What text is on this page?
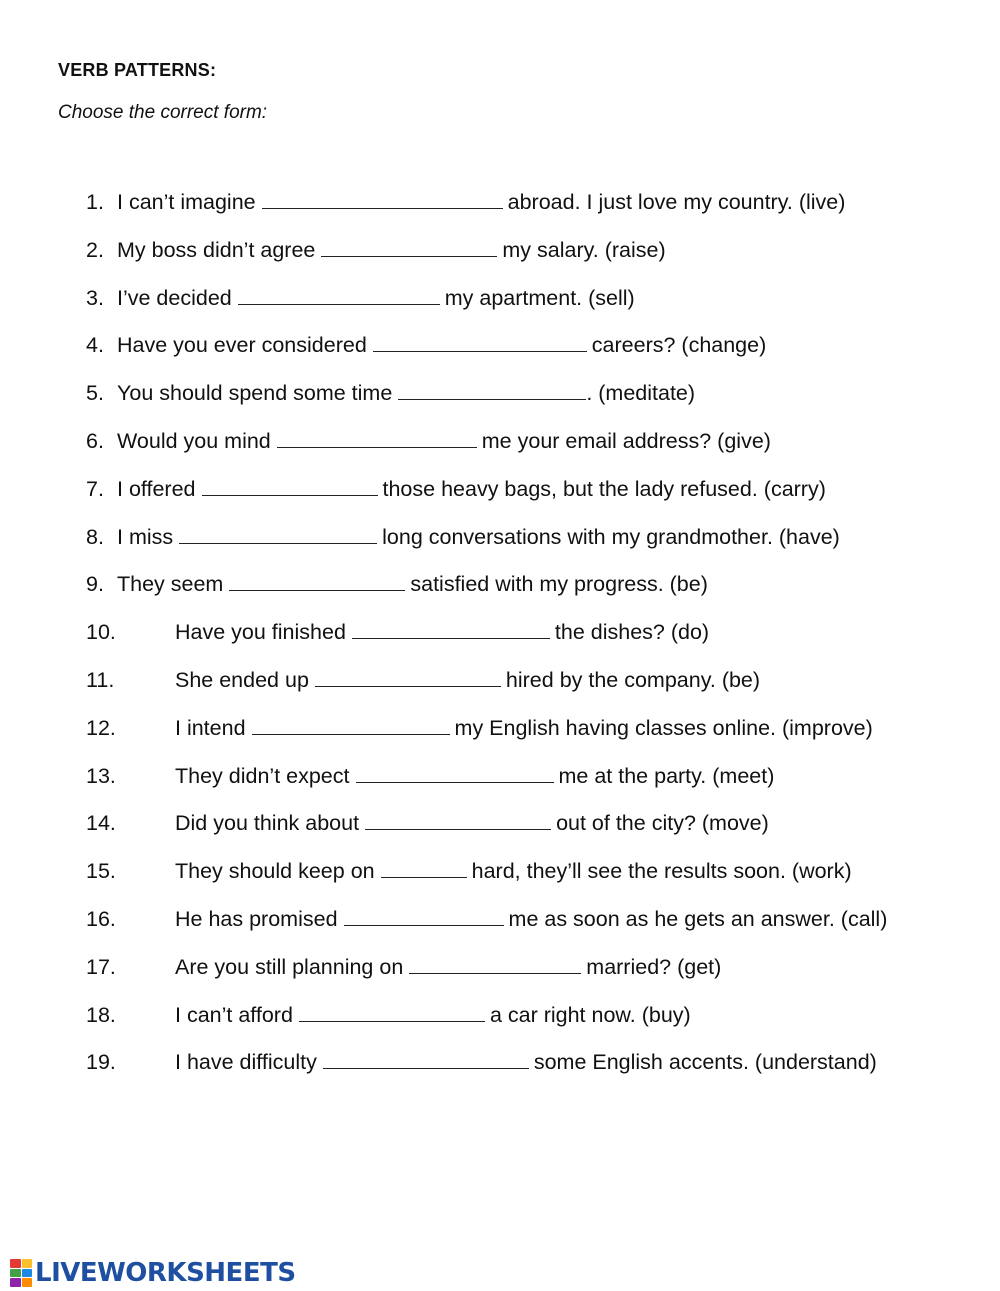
VERB PATTERNS:
Choose the correct form:
1. I can’t imagine	abroad. I just love my country. (live)
2. My boss didn’t agree	my salary. (raise)
3. I’ve decided	my apartment. (sell)
4. Have you ever considered	careers? (change)
5. You should spend some time	. (meditate)
6. Would you mind	me your email address? (give)
7. I offered	those heavy bags, but the lady refused. (carry)
8. I miss	long conversations with my grandmother. (have)
9. They seem	satisfied with my progress. (be)
10.	Have you finished	the dishes? (do)
11.	She ended up	hired by the company. (be)
12.	I intend	my English having classes online. (improve)
13.	They didn’t expect	me at the party. (meet)
14.	Did you think about	out of the city? (move)
15.	They should keep on	hard, they’ll see the results soon. (work)
16.	He has promised	me as soon as he gets an answer. (call)
17.	Are you still planning on	married? (get)
18.	I can’t afford	a car right now. (buy)
19.	I have difficulty	some English accents. (understand)
LIVEWORKSHEETS
